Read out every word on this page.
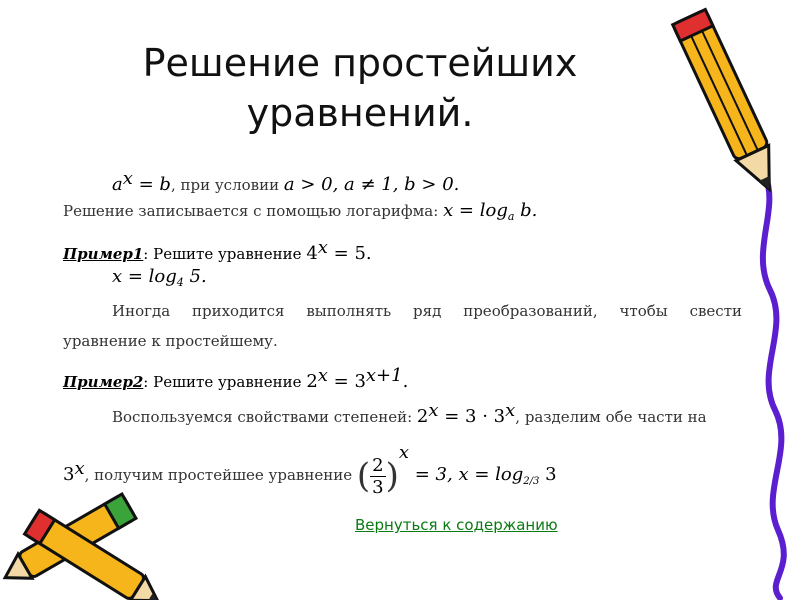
Решение простейших
уравнений.
$a^x = b$, при условии a > 0, a ≠ 1, b > 0.
Решение записывается с помощью логарифма: $x = \log_a b$.
Пример1: Решите уравнение $4^x = 5$.
$x = \log_4 5$.
Иногда приходится выполнять ряд преобразований, чтобы свести
уравнение к простейшему.
Пример2: Решите уравнение $2^x = 3^{x+1}$.
Воспользуемся свойствами степеней: $2^x = 3 \cdot 3^x$, разделим обе части на
3$^x$, получим простейшее уравнение ( $\frac{2}{3} )^x = 3$, $x = \log_{2/3} 3$
Вернуться к содержанию
